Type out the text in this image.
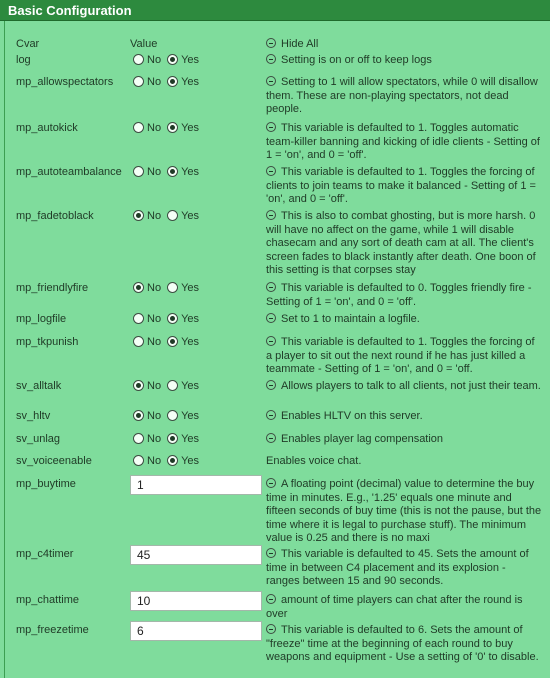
Basic Configuration
Cvar	Value	Hide All
log	No Yes	Setting is on or off to keep logs
mp_allowspectators	No Yes	Setting to 1 will allow spectators, while 0 will disallow them. These are non-playing spectators, not dead people.
mp_autokick	No Yes	This variable is defaulted to 1. Toggles automatic team-killer banning and kicking of idle clients - Setting of 1 = 'on', and 0 = 'off'.
mp_autoteambalance	No Yes	This variable is defaulted to 1. Toggles the forcing of clients to join teams to make it balanced - Setting of 1 = 'on', and 0 = 'off'.
mp_fadetoblack	No Yes	This is also to combat ghosting, but is more harsh. 0 will have no affect on the game, while 1 will disable chasecam and any sort of death cam at all. The client's screen fades to black instantly after death. One boon of this setting is that corpses stay
mp_friendlyfire	No Yes	This variable is defaulted to 0. Toggles friendly fire - Setting of 1 = 'on', and 0 = 'off'.
mp_logfile	No Yes	Set to 1 to maintain a logfile.
mp_tkpunish	No Yes	This variable is defaulted to 1. Toggles the forcing of a player to sit out the next round if he has just killed a teammate - Setting of 1 = 'on', and 0 = 'off.
sv_alltalk	No Yes	Allows players to talk to all clients, not just their team.
sv_hltv	No Yes	Enables HLTV on this server.
sv_unlag	No Yes	Enables player lag compensation
sv_voiceenable	No Yes	Enables voice chat.
mp_buytime	1	A floating point (decimal) value to determine the buy time in minutes. E.g., '1.25' equals one minute and fifteen seconds of buy time (this is not the pause, but the time where it is legal to purchase stuff). The minimum value is 0.25 and there is no maxi
mp_c4timer	45	This variable is defaulted to 45. Sets the amount of time in between C4 placement and its explosion - ranges between 15 and 90 seconds.
mp_chattime	10	amount of time players can chat after the round is over
mp_freezetime	6	This variable is defaulted to 6. Sets the amount of "freeze" time at the beginning of each round to buy weapons and equipment - Use a setting of '0' to disable.
